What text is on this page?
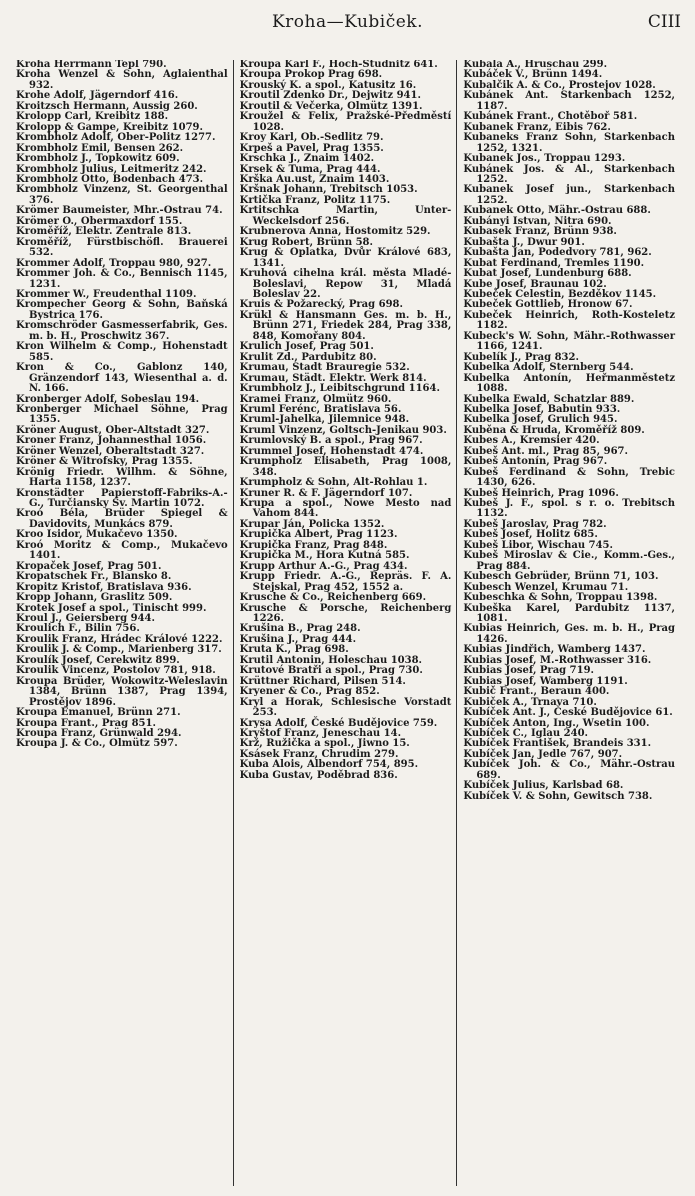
Kroha—Kubiček.	CIII
Kroha Herrmann Tepl 790.
Kroha Wenzel & Sohn, Aglaienthal 932.
Krohe Adolf, Jägerndorf 416.
Kroitzsch Hermann, Aussig 260.
Krolopp Carl, Kreibitz 188.
Krolopp & Gampe, Kreibitz 1079.
Krombholz Adolf, Ober-Politz 1277.
Krombholz Emil, Bensen 262.
Krombholz J., Topkowitz 609.
Krombholz Julius, Leitmeritz 242.
Krombholz Otto, Bodenbach 473.
Krombholz Vinzenz, St. Georgenthal 376.
Krömer Baumeister, Mhr.-Ostrau 74.
Krömer O., Obermaxdorf 155.
Kroměříž, Elektr. Zentrale 813.
Kroměříž, Fürstbischöfl. Brauerei 532.
Krommer Adolf, Troppau 980, 927.
Krommer Joh. & Co., Bennisch 1145, 1231.
Krommer W., Freudenthal 1109.
Krompecher Georg & Sohn, Baňská Bystrica 176.
Kromschröder Gasmesserfabrik, Ges. m. b. H., Proschwitz 367.
Kron Wilhelm & Comp., Hohenstadt 585.
Kron & Co., Gablonz 140, Gränzendorf 143, Wiesenthal a. d. N. 166.
Kronberger Adolf, Sobeslau 194.
Kronberger Michael Söhne, Prag 1355.
Kröner August, Ober-Altstadt 327.
Kroner Franz, Johannesthal 1056.
Kröner Wenzel, Oberaltstadt 327.
Kröner & Witrofsky, Prag 1355.
Krönig Friedr. Wilhm. & Söhne, Harta 1158, 1237.
Kronstädter Papierstoff-Fabriks-A.-G., Turčiansky Sv. Martin 1072.
Kroó Béla, Brüder Spiegel & Davidovits, Munkács 879.
Kroo Isidor, Mukačevo 1350.
Kroó Moritz & Comp., Mukačevo 1401.
Kropaček Josef, Prag 501.
Kropatschek Fr., Blansko 8.
Kropitz Kristof, Bratislava 936.
Kropp Johann, Graslitz 509.
Krotek Josef a spol., Tinischt 999.
Kroul J., Geiersberg 944.
Kroulich F., Bilin 756.
Kroulik Franz, Hrádec Králové 1222.
Kroulik J. & Comp., Marienberg 317.
Kroulík Josef, Cerekwitz 899.
Kroulik Vincenz, Postolov 781, 918.
Kroupa Brüder, Wokowitz-Weleslavin 1384, Brünn 1387, Prag 1394, Prostějov 1896.
Kroupa Emanuel, Brünn 271.
Kroupa Frant., Prag 851.
Kroupa Franz, Grünwald 294.
Kroupa J. & Co., Olmütz 597.
Kroupa Karl F., Hoch-Studnitz 641.
Kroupa Prokop Prag 698.
Krouský K. a spol., Katusitz 16.
Kroutil Zdenko Dr., Dejwitz 941.
Kroutil & Večerka, Olmütz 1391.
Kroužel & Felix, Pražské-Předměstí 1028.
Kroy Karl, Ob.-Sedlitz 79.
Krpeš a Pavel, Prag 1355.
Krschka J., Znaim 1402.
Krsek & Tuma, Prag 444.
Krška Au.ust, Znaim 1403.
Kršnak Johann, Trebitsch 1053.
Krtička Franz, Politz 1175.
Krtitschka Martin, Unter-Weckelsdorf 256.
Krubnerova Anna, Hostomitz 529.
Krug Robert, Brünn 58.
Krug & Oplatka, Dvůr Králové 683, 1341.
Kruhová cihelna král. města Mladé-Boleslavi, Repow 31, Mladá Boleslav 22.
Kruis & Požarecký, Prag 698.
Krükl & Hansmann Ges. m. b. H., Brünn 271, Friedek 284, Prag 338, 848, Komořany 804.
Krulich Josef, Prag 501.
Krulit Zd., Pardubitz 80.
Krumau, Stadt Brauregie 532.
Krumau, Städt. Elektr. Werk 814.
Krumbholz J., Leibitschgrund 1164.
Kramei Franz, Olmütz 960.
Kruml Ferénc, Bratislava 56.
Kruml-Jahelka, Jilemnice 948.
Kruml Vinzenz, Goltsch-Jenikau 903.
Krumlovský B. a spol., Prag 967.
Krummel Josef, Hohenstadt 474.
Krumpholz Elisabeth, Prag 1008, 348.
Krumpholz & Sohn, Alt-Rohlau 1.
Kruner R. & F. Jägerndorf 107.
Krupa a spol., Nowe Mesto nad Vahom 844.
Krupar Ján, Policka 1352.
Krupička Albert, Prag 1123.
Krupička Franz, Prag 848.
Krupička M., Hora Kutná 585.
Krupp Arthur A.-G., Prag 434.
Krupp Friedr. A.-G., Repräs. F. A. Stejskal, Prag 452, 1552 a.
Krusche & Co., Reichenberg 669.
Krusche & Porsche, Reichenberg 1226.
Krušina B., Prag 248.
Krušina J., Prag 444.
Kruta K., Prag 698.
Krutil Antonin, Holeschau 1038.
Krutové Bratři a spol., Prag 730.
Krüttner Richard, Pilsen 514.
Kryener & Co., Prag 852.
Kryl a Horak, Schlesische Vorstadt 253.
Krysa Adolf, České Budějovice 759.
Kryštof Franz, Jeneschau 14.
Krž, Ružička a spol., Jiwno 15.
Ksásek Franz, Chrudim 279.
Kuba Alois, Albendorf 754, 895.
Kuba Gustav, Poděbrad 836.
Kubala A., Hruschau 299.
Kubáček V., Brünn 1494.
Kubalčik A. & Co., Prostejov 1028.
Kubánek Ant. Starkenbach 1252, 1187.
Kubánek Frant., Chotěboř 581.
Kubanek Franz, Eibis 762.
Kubaneks Franz Sohn, Starkenbach 1252, 1321.
Kubanek Jos., Troppau 1293.
Kubánek Jos. & Al., Starkenbach 1252.
Kubanek Josef jun., Starkenbach 1252.
Kubanek Otto, Mähr.-Ostrau 688.
Kubányi Istvan, Nitra 690.
Kubasek Franz, Brünn 938.
Kubašta J., Dwur 901.
Kubašta Jan, Podedvory 781, 962.
Kubat Ferdinand, Tremles 1190.
Kubat Josef, Lundenburg 688.
Kube Josef, Braunau 102.
Kubeček Celestin, Bezděkov 1145.
Kubeček Gottlieb, Hronow 67.
Kubeček Heinrich, Roth-Kosteletz 1182.
Kubeck's W. Sohn, Mähr.-Rothwasser 1166, 1241.
Kubelík J., Prag 832.
Kubelka Adolf, Sternberg 544.
Kubelka Antonín, Heřmanměstetz 1088.
Kubelka Ewald, Schatzlar 889.
Kubelka Josef, Babutin 933.
Kubelka Josef, Grulich 945.
Kuběna & Hruda, Kroměříž 809.
Kubes A., Kremsier 420.
Kubeš Ant. ml., Prag 85, 967.
Kubeš Antonín, Prag 967.
Kubeš Ferdinand & Sohn, Trebic 1430, 626.
Kubeš Heinrich, Prag 1096.
Kubeš J. F., spol. s r. o. Trebitsch 1132.
Kubeš Jaroslav, Prag 782.
Kubeš Josef, Holitz 685.
Kubeš Libor, Wischau 745.
Kubeš Miroslav & Cie., Komm.-Ges., Prag 884.
Kubesch Gebrüder, Brünn 71, 103.
Kubesch Wenzel, Krumau 71.
Kubeschka & Sohn, Troppau 1398.
Kubeška Karel, Pardubitz 1137, 1081.
Kubias Heinrich, Ges. m. b. H., Prag 1426.
Kubias Jindřich, Wamberg 1437.
Kubias Josef, M.-Rothwasser 316.
Kubias Josef, Prag 719.
Kubias Josef, Wamberg 1191.
Kubič Frant., Beraun 400.
Kubiček A., Trnava 710.
Kubíček Ant. J., České Budějovice 61.
Kubíček Anton, Ing., Wsetin 100.
Kubíček C., Iglau 240.
Kubíček František, Brandeis 331.
Kubíček Jan, Jedle 767, 907.
Kubíček Joh. & Co., Mähr.-Ostrau 689.
Kubíček Julius, Karlsbad 68.
Kubíček V. & Sohn, Gewitsch 738.
